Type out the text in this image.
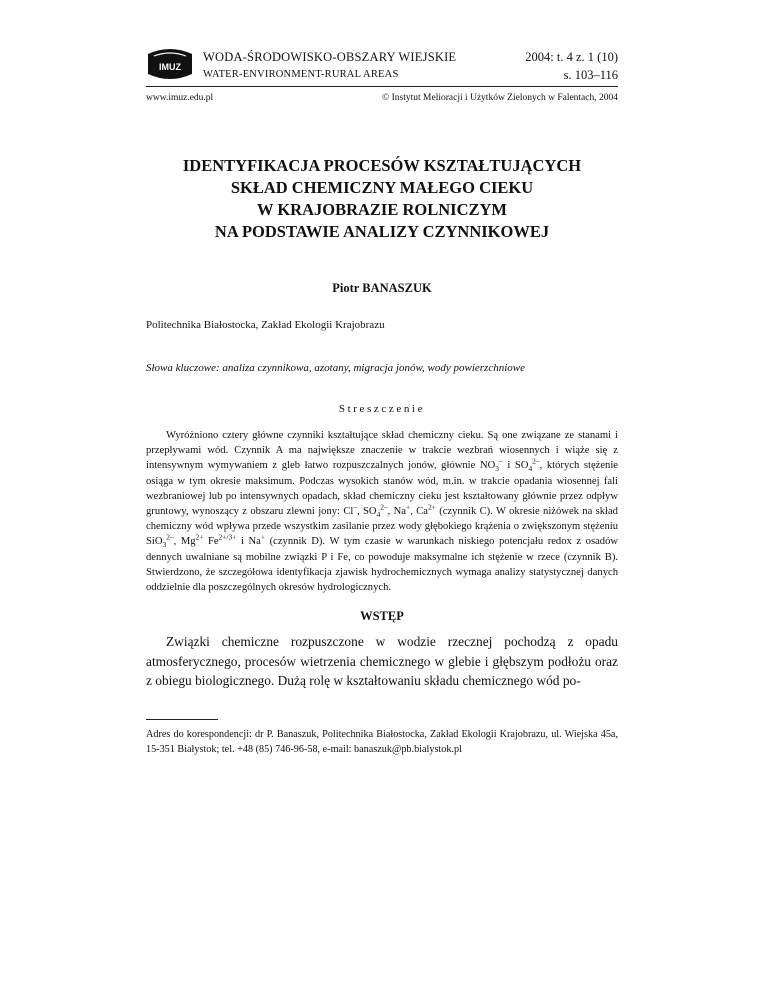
IMUZ
WODA-ŚRODOWISKO-OBSZARY WIEJSKIE
WATER-ENVIRONMENT-RURAL AREAS
2004: t. 4 z. 1 (10)
s. 103–116
www.imuz.edu.pl	© Instytut Melioracji i Użytków Zielonych w Falentach, 2004
IDENTYFIKACJA PROCESÓW KSZTAŁTUJĄCYCH
SKŁAD CHEMICZNY MAŁEGO CIEKU
W KRAJOBRAZIE ROLNICZYM
NA PODSTAWIE ANALIZY CZYNNIKOWEJ
Piotr BANASZUK
Politechnika Białostocka, Zakład Ekologii Krajobrazu
Słowa kluczowe: analiza czynnikowa, azotany, migracja jonów, wody powierzchniowe
Streszczenie

Wyróżniono cztery główne czynniki kształtujące skład chemiczny cieku. Są one związane ze stanami i przepływami wód. Czynnik A ma największe znaczenie w trakcie wezbrań wiosennych i wiąże się z intensywnym wymywaniem z gleb łatwo rozpuszczalnych jonów, głównie $NO_3^-$ i $SO_4^{2-}$, których stężenie osiąga w tym okresie maksimum. Podczas wysokich stanów wód, m.in. w trakcie opadania wiosennej fali wezbraniowej lub po intensywnych opadach, skład chemiczny cieku jest kształtowany głównie przez odpływ gruntowy, wynoszący z obszaru zlewni jony: Cl–, $SO_4^{2-}$, Na+, $Ca^{2+}$ (czynnik C). W okresie niżówek na skład chemiczny wód wpływa przede wszystkim zasilanie przez wody głębokiego krążenia o zwiększonym stężeniu SiO$_3^{2-}$, $Mg^{2+}$ $Fe^{2+/3+}$ i Na+ (czynnik D). W tym czasie w warunkach niskiego potencjału redox z osadów dennych uwalniane są mobilne związki P i Fe, co powoduje maksymalne ich stężenie w rzece (czynnik B). Stwierdzono, że szczegółowa identyfikacja zjawisk hydrochemicznych wymaga analizy statystycznej danych oddzielnie dla poszczególnych okresów hydrologicznych.

WSTĘP

Związki chemiczne rozpuszczone w wodzie rzecznej pochodzą z opadu atmosferycznego, procesów wietrzenia chemicznego w glebie i głębszym podłożu oraz z obiegu biologicznego. Dużą rolę w kształtowaniu składu chemicznego wód po-

Adres do korespondencji: dr P. Banaszuk, Politechnika Białostocka, Zakład Ekologii Krajobrazu, ul. Wiejska 45a, 15-351 Białystok; tel. +48 (85) 746-96-58, e-mail: banaszuk@pb.bialystok.pl
